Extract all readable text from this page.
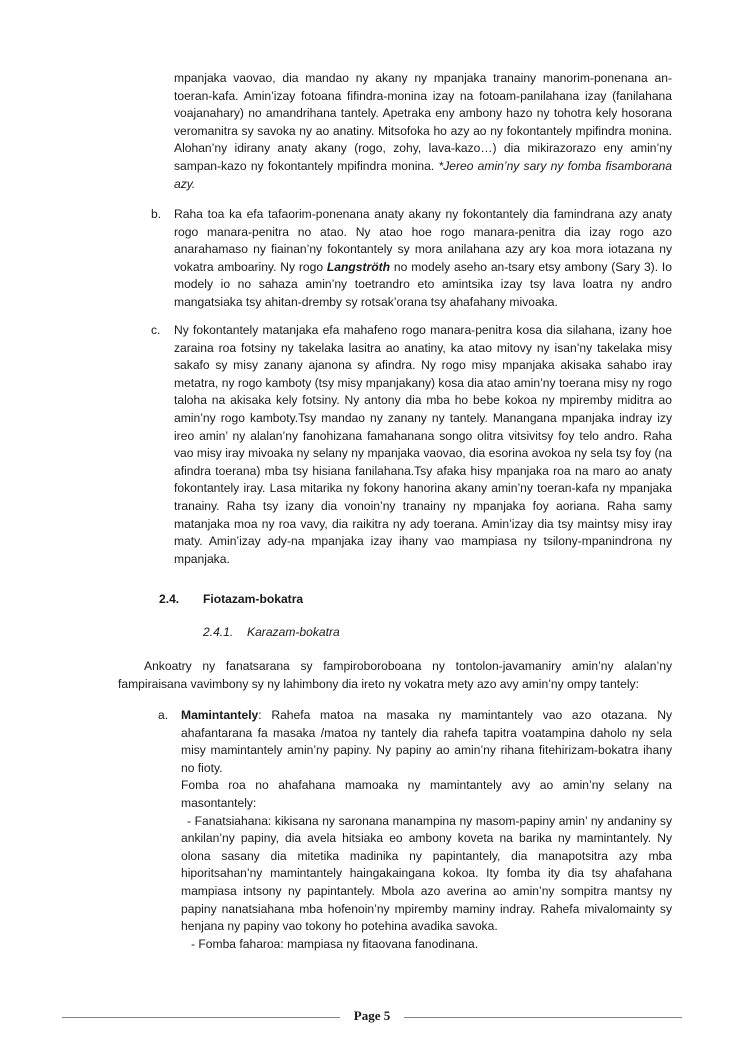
mpanjaka vaovao, dia mandao ny akany ny mpanjaka tranainy manorim-ponenana an-toeran-kafa. Amin’izay fotoana fifindra-monina izay na fotoam-panilahana izay (fanilahana voajanahary) no amandrihana tantely. Apetraka eny ambony hazo ny tohotra kely hosorana veromanitra sy savoka ny ao anatiny. Mitsofoka ho azy ao ny fokontantely mpifindra monina. Alohan’ny idirany anaty akany (rogo, zohy, lava-kazo…) dia mikirazorazo eny amin’ny sampan-kazo ny fokontantely mpifindra monina. *Jereo amin’ny sary ny fomba fisamborana azy.

b.	Raha toa ka efa tafaorim-ponenana anaty akany ny fokontantely dia famindrana azy anaty rogo manara-penitra no atao. Ny atao hoe rogo manara-penitra dia izay rogo azo anarahamaso ny fiainan’ny fokontantely sy mora anilahana azy ary koa mora iotazana ny vokatra amboariny. Ny rogo Langströth no modely aseho an-tsary etsy ambony (Sary 3). Io modely io no sahaza amin’ny toetrandro eto amintsika izay tsy lava loatra ny andro mangatsiaka tsy ahitan-dremby sy rotsak’orana tsy ahafahany mivoaka.
c.	Ny fokontantely matanjaka efa mahafeno rogo manara-penitra kosa dia silahana, izany hoe zaraina roa fotsiny ny takelaka lasitra ao anatiny, ka atao mitovy ny isan’ny takelaka misy sakafo sy misy zanany ajanona sy afindra. Ny rogo misy mpanjaka akisaka sahabo iray metatra, ny rogo kamboty (tsy misy mpanjakany) kosa dia atao amin’ny toerana misy ny rogo taloha na akisaka kely fotsiny. Ny antony dia mba ho bebe kokoa ny mpiremby miditra ao amin’ny rogo kamboty.Tsy mandao ny zanany ny tantely. Manangana mpanjaka indray izy ireo amin’ ny alalan’ny fanohizana famahanana songo olitra vitsivitsy foy telo andro. Raha vao misy iray mivoaka ny selany ny mpanjaka vaovao, dia esorina avokoa ny sela tsy foy (na afindra toerana) mba tsy hisiana fanilahana.Tsy afaka hisy mpanjaka roa na maro ao anaty fokontantely iray. Lasa mitarika ny fokony hanorina akany amin’ny toeran-kafa ny mpanjaka tranainy. Raha tsy izany dia vonoin’ny tranainy ny mpanjaka foy aoriana. Raha samy matanjaka moa ny roa vavy, dia raikitra ny ady toerana. Amin’izay dia tsy maintsy misy iray maty. Amin’izay ady-na mpanjaka izay ihany vao mampiasa ny tsilony-mpanindrona ny mpanjaka.
2.4. Fiotazam-bokatra
2.4.1. Karazam-bokatra
Ankoatry ny fanatsarana sy fampiroboroboana ny tontolon-javamaniry amin’ny alalan’ny fampiraisana vavimbony sy ny lahimbony dia ireto ny vokatra mety azo avy amin’ny ompy tantely:
a. Mamintantely: Rahefa matoa na masaka ny mamintantely vao azo otazana. Ny ahafantarana fa masaka /matoa ny tantely dia rahefa tapitra voatampina daholo ny sela misy mamintantely amin’ny papiny. Ny papiny ao amin’ny rihana fitehirizam-bokatra ihany no fioty.

Fomba roa no ahafahana mamoaka ny mamintantely avy ao amin’ny selany na masontantely:

- Fanatsiahana: kikisana ny saronana manampina ny masom-papiny amin’ ny andaniny sy ankilan’ny papiny, dia avela hitsiaka eo ambony koveta na barika ny mamintantely. Ny olona sasany dia mitetika madinika ny papintantely, dia manapotsitra azy mba hiporitsahan’ny mamintantely haingakaingana kokoa. Ity fomba ity dia tsy ahafahana mampiasa intsony ny papintantely. Mbola azo averina ao amin’ny sompitra mantsy ny papiny nanatsiahana mba hofenoin’ny mpiremby maminy indray. Rahefa mivalomainty sy henjana ny papiny vao tokony ho potehina avadika savoka.

- Fomba faharoa: mampiasa ny fitaovana fanodinana.

Page 5
